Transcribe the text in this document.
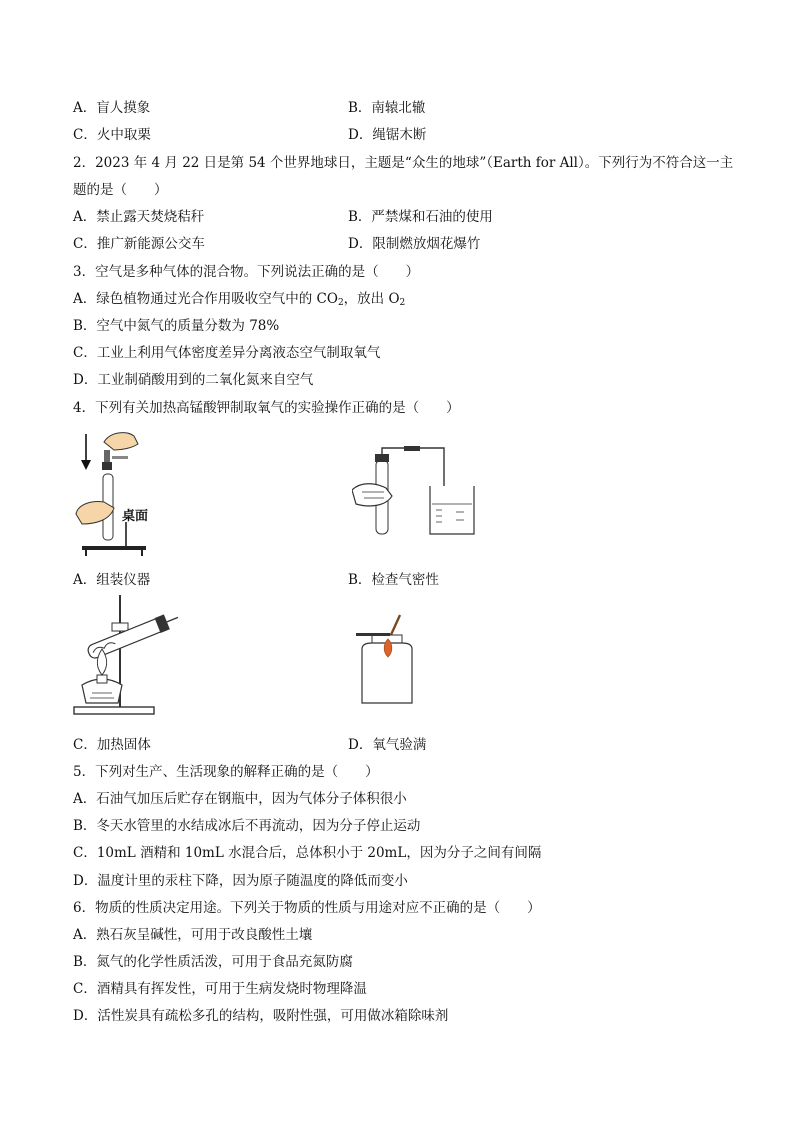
A．盲人摸象	B．南辕北辙
C．火中取栗	D．绳锯木断
2．2023 年 4 月 22 日是第 54 个世界地球日，主题是“众生的地球”（Earth for All）。下列行为不符合这一主
题的是（　　）
A．禁止露天焚烧秸秆	B．严禁煤和石油的使用
C．推广新能源公交车	D．限制燃放烟花爆竹
3．空气是多种气体的混合物。下列说法正确的是（　　）
A．绿色植物通过光合作用吸收空气中的 $CO_2$，放出 $O_2$
B．空气中氮气的质量分数为 78%
C．工业上利用气体密度差异分离液态空气制取氧气
D．工业制硝酸用到的二氧化氮来自空气
4．下列有关加热高锰酸钾制取氧气的实验操作正确的是（　　）
桌面
A．组装仪器	B．检查气密性
C．加热固体	D．氧气验满
5．下列对生产、生活现象的解释正确的是（　　）
A．石油气加压后贮存在钢瓶中，因为气体分子体积很小
B．冬天水管里的水结成冰后不再流动，因为分子停止运动
C．10mL 酒精和 10mL 水混合后，总体积小于 20mL，因为分子之间有间隔
D．温度计里的汞柱下降，因为原子随温度的降低而变小
6．物质的性质决定用途。下列关于物质的性质与用途对应不正确的是（　　）
A．熟石灰呈碱性，可用于改良酸性土壤
B．氮气的化学性质活泼，可用于食品充氮防腐
C．酒精具有挥发性，可用于生病发烧时物理降温
D．活性炭具有疏松多孔的结构，吸附性强，可用做冰箱除味剂
